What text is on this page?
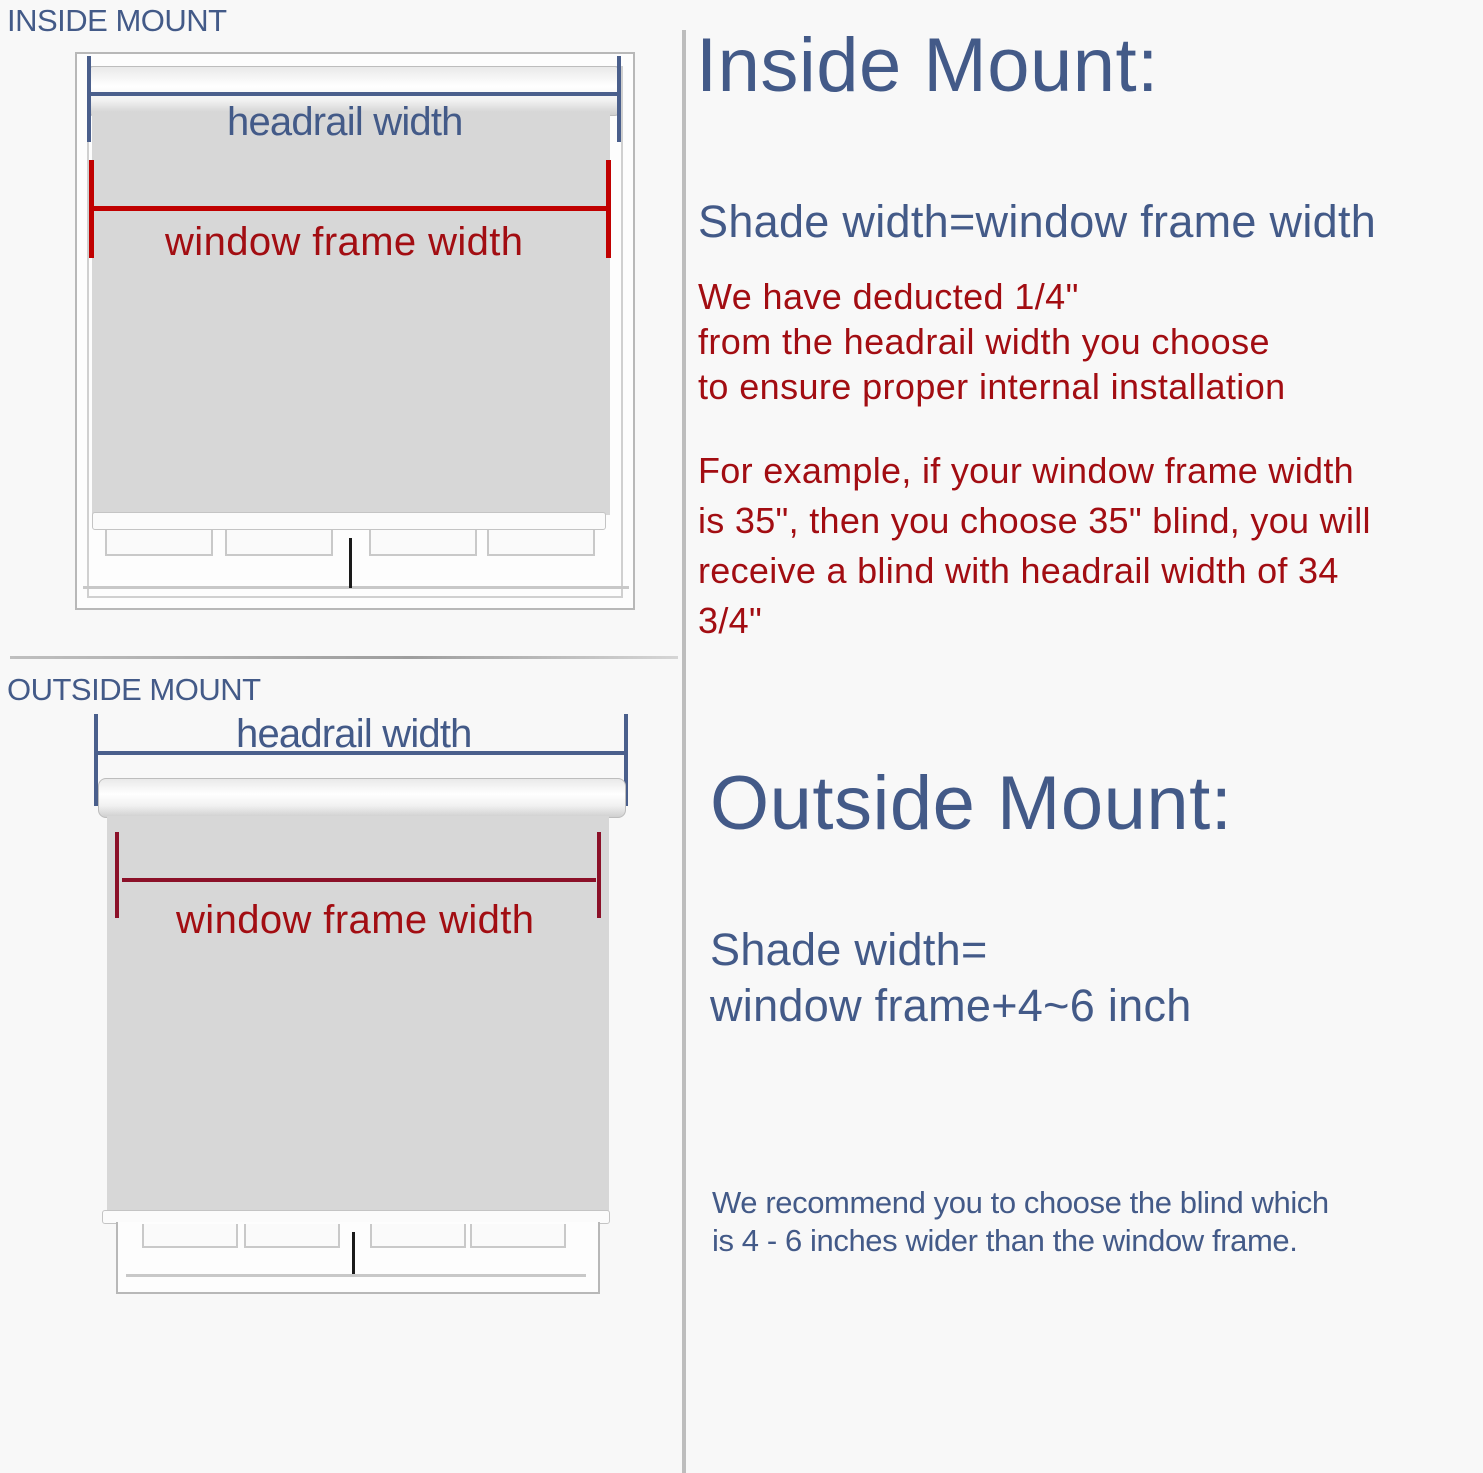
INSIDE MOUNT
headrail width
window frame width
OUTSIDE MOUNT
headrail width
window frame width
Inside Mount:
Shade width=window frame width
We have deducted 1/4"
from the headrail width you choose
to ensure proper internal installation
For example, if your window frame width
is 35", then you choose 35" blind, you will
receive a blind with headrail width of 34
3/4"
Outside Mount:
Shade width=
window frame+4~6 inch
We recommend you to choose the blind which
is 4 - 6 inches wider than the window frame.
